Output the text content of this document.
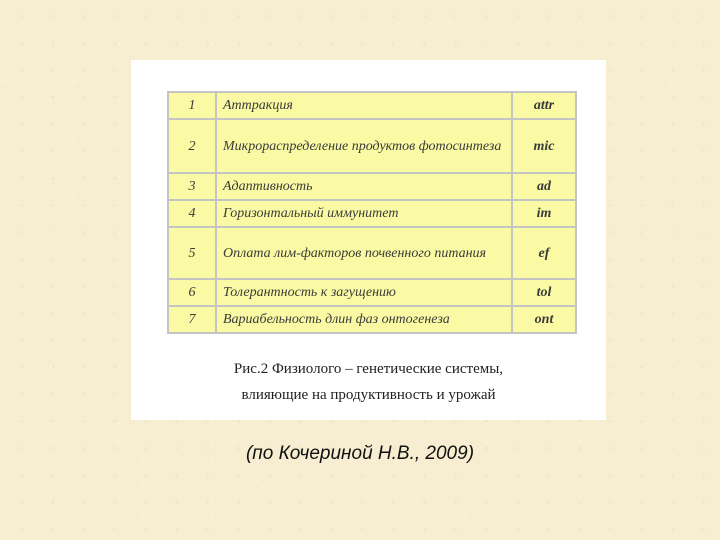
1	Аттракция	attr
2	Микрораспределение продуктов фотосинтеза	mic
3	Адаптивность	ad
4	Горизонтальный иммунитет	im
5	Оплата лим-факторов почвенного питания	ef
6	Толерантность к загущению	tol
7	Вариабельность длин фаз онтогенеза	ont
Рис.2 Физиолого – генетические системы,
влияющие на продуктивность и урожай
(по Кочериной Н.В., 2009)
